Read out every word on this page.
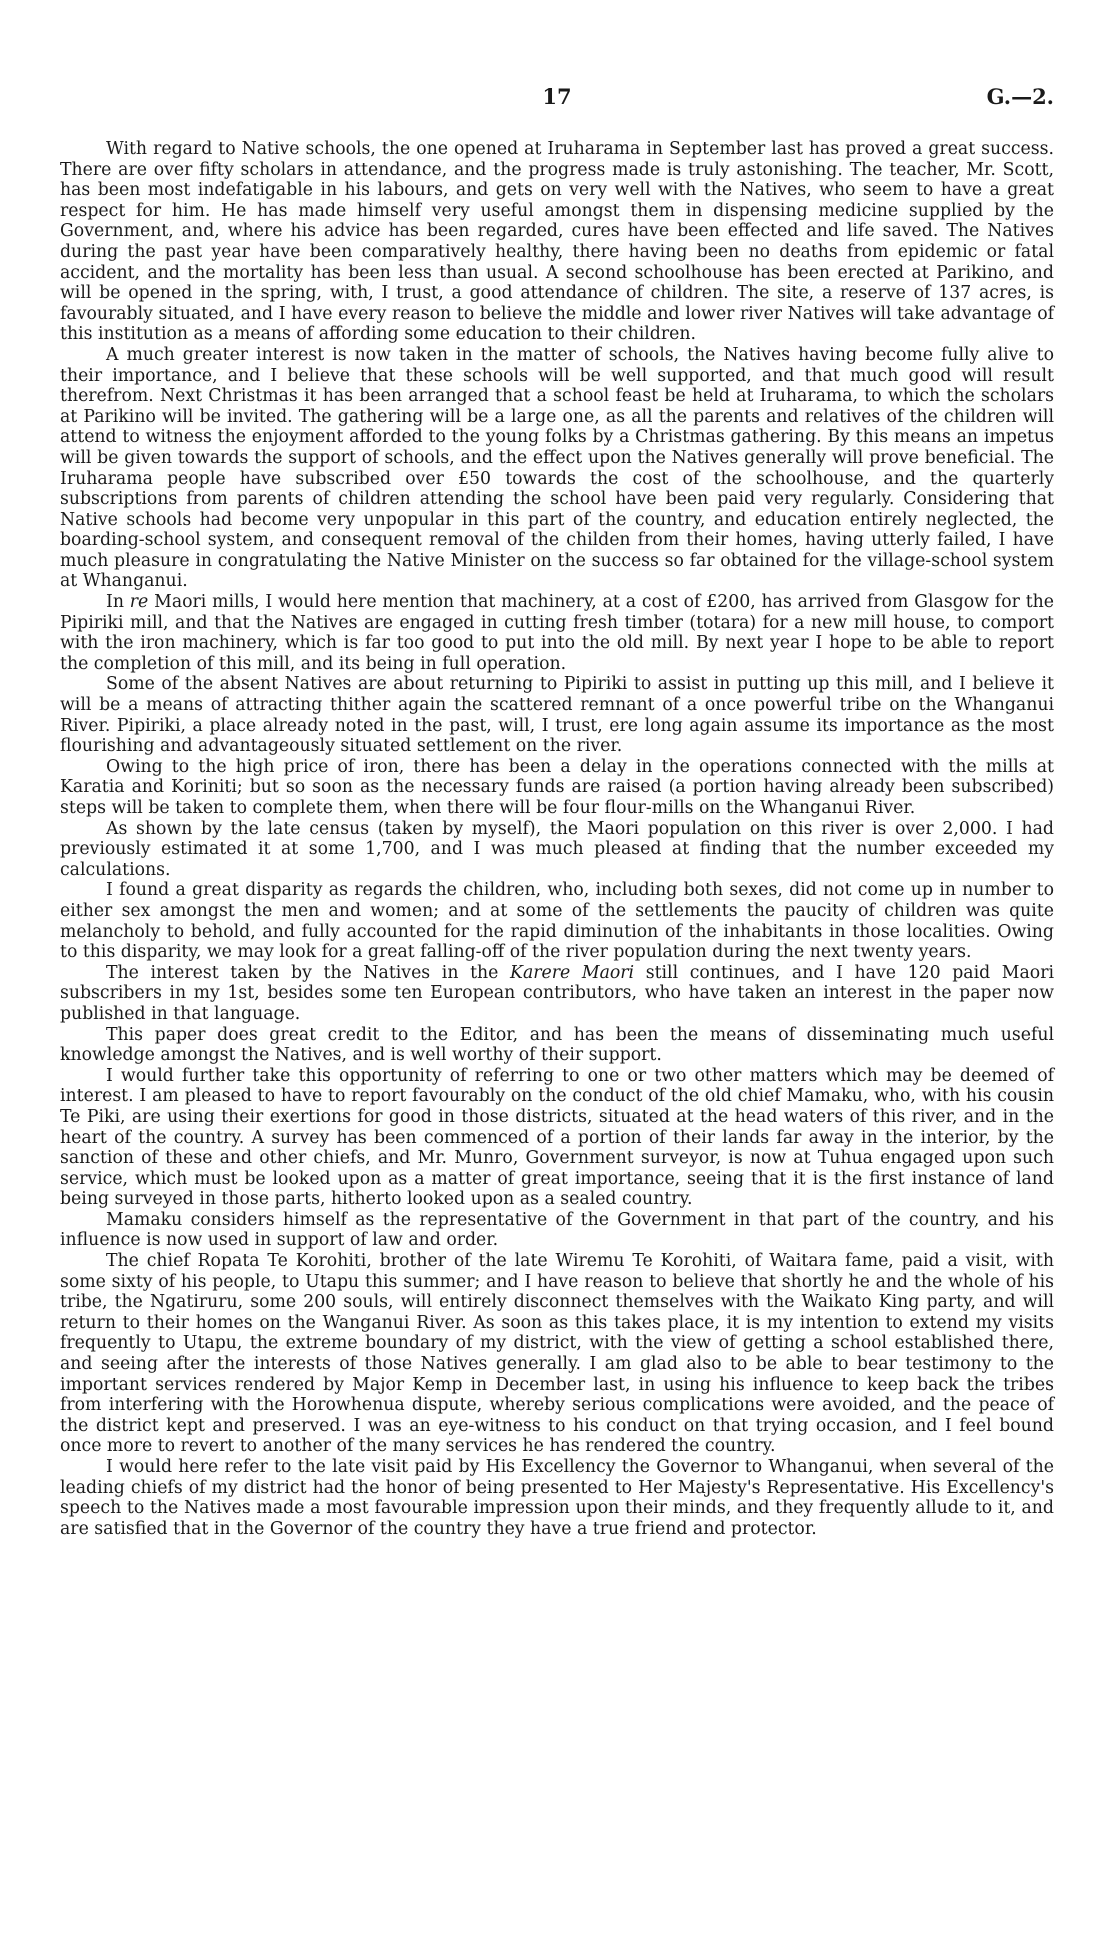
17	G.—2.

With regard to Native schools, the one opened at Iruharama in September last has proved a great success. There are over fifty scholars in attendance, and the progress made is truly astonishing. The teacher, Mr. Scott, has been most indefatigable in his labours, and gets on very well with the Natives, who seem to have a great respect for him. He has made himself very useful amongst them in dispensing medicine supplied by the Government, and, where his advice has been regarded, cures have been effected and life saved. The Natives during the past year have been comparatively healthy, there having been no deaths from epidemic or fatal accident, and the mortality has been less than usual. A second schoolhouse has been erected at Parikino, and will be opened in the spring, with, I trust, a good attendance of children. The site, a reserve of 137 acres, is favourably situated, and I have every reason to believe the middle and lower river Natives will take advantage of this institution as a means of affording some education to their children.

A much greater interest is now taken in the matter of schools, the Natives having become fully alive to their importance, and I believe that these schools will be well supported, and that much good will result therefrom. Next Christmas it has been arranged that a school feast be held at Iruharama, to which the scholars at Parikino will be invited. The gathering will be a large one, as all the parents and relatives of the children will attend to witness the enjoyment afforded to the young folks by a Christmas gathering. By this means an impetus will be given towards the support of schools, and the effect upon the Natives generally will prove beneficial. The Iruharama people have subscribed over £50 towards the cost of the schoolhouse, and the quarterly subscriptions from parents of children attending the school have been paid very regularly. Considering that Native schools had become very unpopular in this part of the country, and education entirely neglected, the boarding-school system, and consequent removal of the childen from their homes, having utterly failed, I have much pleasure in congratulating the Native Minister on the success so far obtained for the village-school system at Whanganui.

In re Maori mills, I would here mention that machinery, at a cost of £200, has arrived from Glasgow for the Pipiriki mill, and that the Natives are engaged in cutting fresh timber (totara) for a new mill house, to comport with the iron machinery, which is far too good to put into the old mill. By next year I hope to be able to report the completion of this mill, and its being in full operation.

Some of the absent Natives are about returning to Pipiriki to assist in putting up this mill, and I believe it will be a means of attracting thither again the scattered remnant of a once powerful tribe on the Whanganui River. Pipiriki, a place already noted in the past, will, I trust, ere long again assume its importance as the most flourishing and advantageously situated settlement on the river.

Owing to the high price of iron, there has been a delay in the operations connected with the mills at Karatia and Koriniti; but so soon as the necessary funds are raised (a portion having already been subscribed) steps will be taken to complete them, when there will be four flour-mills on the Whanganui River.

As shown by the late census (taken by myself), the Maori population on this river is over 2,000. I had previously estimated it at some 1,700, and I was much pleased at finding that the number exceeded my calculations.

I found a great disparity as regards the children, who, including both sexes, did not come up in number to either sex amongst the men and women; and at some of the settlements the paucity of children was quite melancholy to behold, and fully accounted for the rapid diminution of the inhabitants in those localities. Owing to this disparity, we may look for a great falling-off of the river population during the next twenty years.

The interest taken by the Natives in the Karere Maori still continues, and I have 120 paid Maori subscribers in my 1st, besides some ten European contributors, who have taken an interest in the paper now published in that language.

This paper does great credit to the Editor, and has been the means of disseminating much useful knowledge amongst the Natives, and is well worthy of their support.

I would further take this opportunity of referring to one or two other matters which may be deemed of interest. I am pleased to have to report favourably on the conduct of the old chief Mamaku, who, with his cousin Te Piki, are using their exertions for good in those districts, situated at the head waters of this river, and in the heart of the country. A survey has been commenced of a portion of their lands far away in the interior, by the sanction of these and other chiefs, and Mr. Munro, Government surveyor, is now at Tuhua engaged upon such service, which must be looked upon as a matter of great importance, seeing that it is the first instance of land being surveyed in those parts, hitherto looked upon as a sealed country.

Mamaku considers himself as the representative of the Government in that part of the country, and his influence is now used in support of law and order.

The chief Ropata Te Korohiti, brother of the late Wiremu Te Korohiti, of Waitara fame, paid a visit, with some sixty of his people, to Utapu this summer; and I have reason to believe that shortly he and the whole of his tribe, the Ngatiruru, some 200 souls, will entirely disconnect themselves with the Waikato King party, and will return to their homes on the Wanganui River. As soon as this takes place, it is my intention to extend my visits frequently to Utapu, the extreme boundary of my district, with the view of getting a school established there, and seeing after the interests of those Natives generally. I am glad also to be able to bear testimony to the important services rendered by Major Kemp in December last, in using his influence to keep back the tribes from interfering with the Horowhenua dispute, whereby serious complications were avoided, and the peace of the district kept and preserved. I was an eye-witness to his conduct on that trying occasion, and I feel bound once more to revert to another of the many services he has rendered the country.

I would here refer to the late visit paid by His Excellency the Governor to Whanganui, when several of the leading chiefs of my district had the honor of being presented to Her Majesty's Representative. His Excellency's speech to the Natives made a most favourable impression upon their minds, and they frequently allude to it, and are satisfied that in the Governor of the country they have a true friend and protector.
